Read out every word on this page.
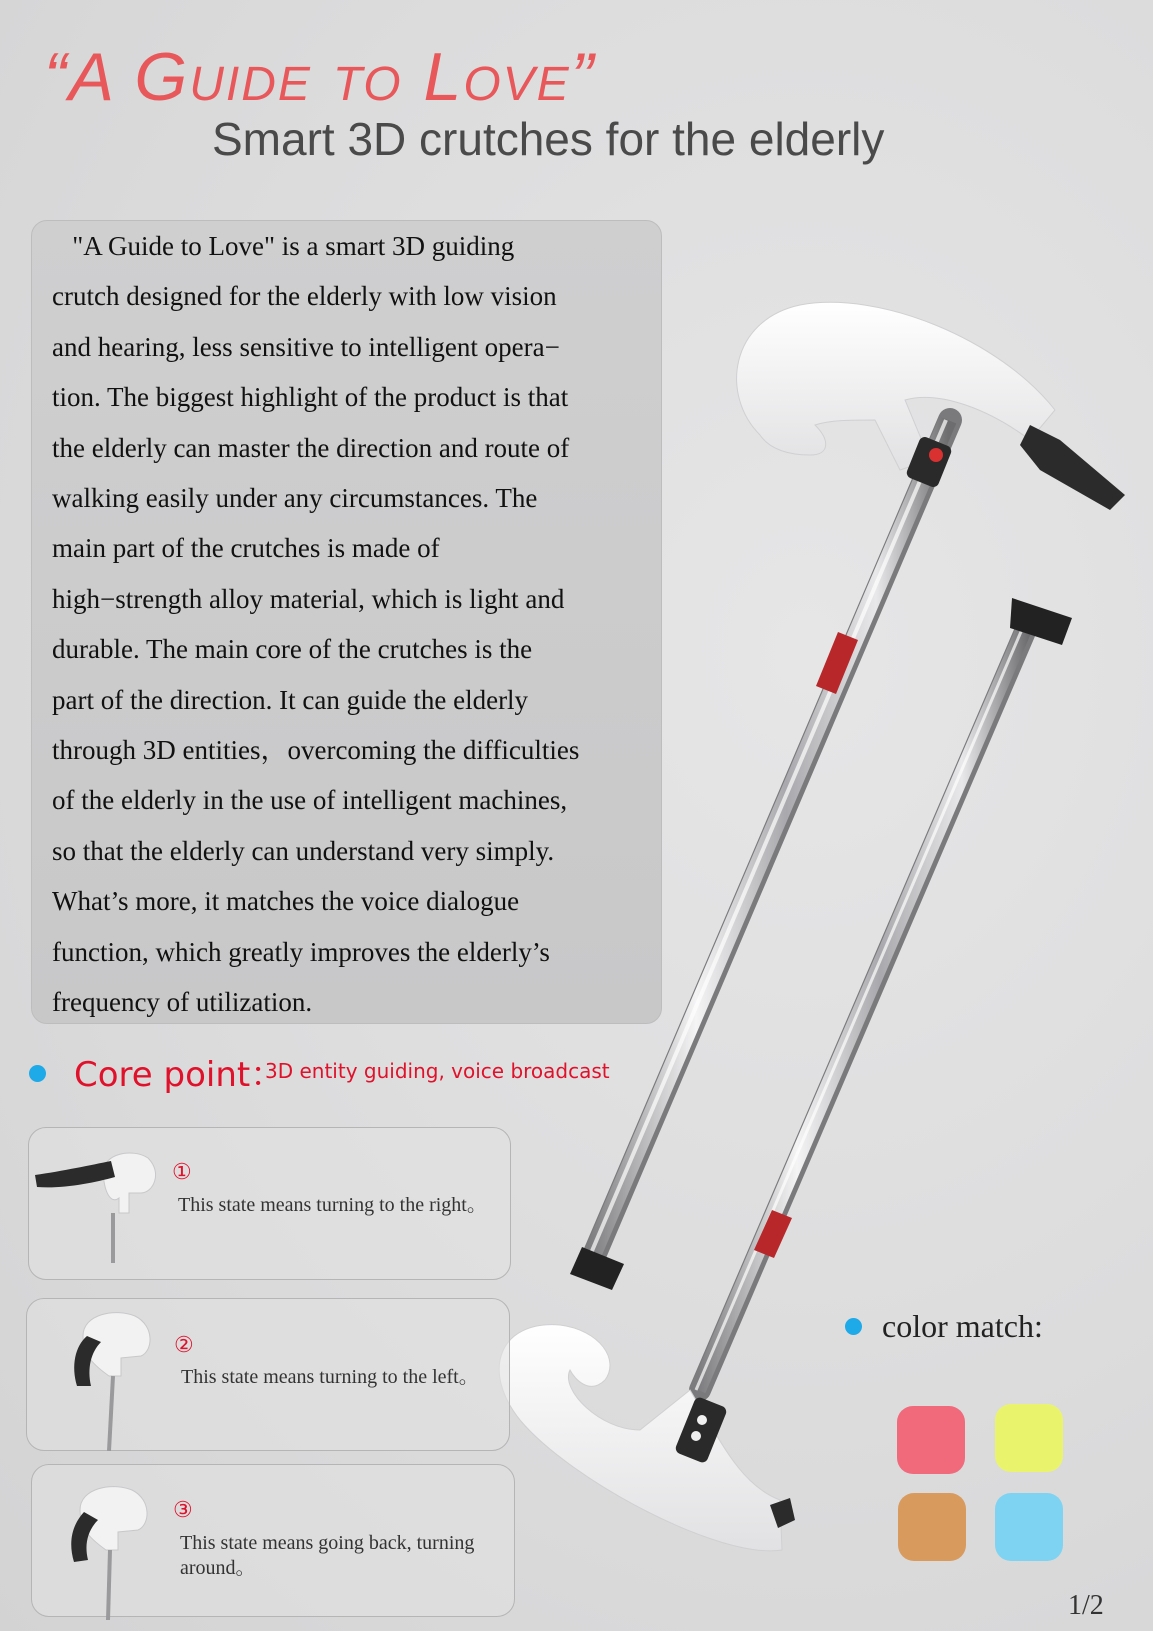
“A Guide to Love”
Smart 3D crutches for the elderly
"A Guide to Love" is a smart 3D guiding
crutch designed for the elderly with low vision
and hearing, less sensitive to intelligent opera−
tion. The biggest highlight of the product is that
the elderly can master the direction and route of
walking easily under any circumstances. The
main part of the crutches is made of
high−strength alloy material, which is light and
durable. The main core of the crutches is the
part of the direction. It can guide the elderly
through 3D entities，overcoming the difficulties
of the elderly in the use of intelligent machines,
so that the elderly can understand very simply.
What’s more, it matches the voice dialogue
function, which greatly improves the elderly’s
frequency of utilization.
Core point：
3D entity guiding, voice broadcast
①
This state means turning to the right。
②
This state means turning to the left。
③
This state means going back, turning around。
color match:
1/2
